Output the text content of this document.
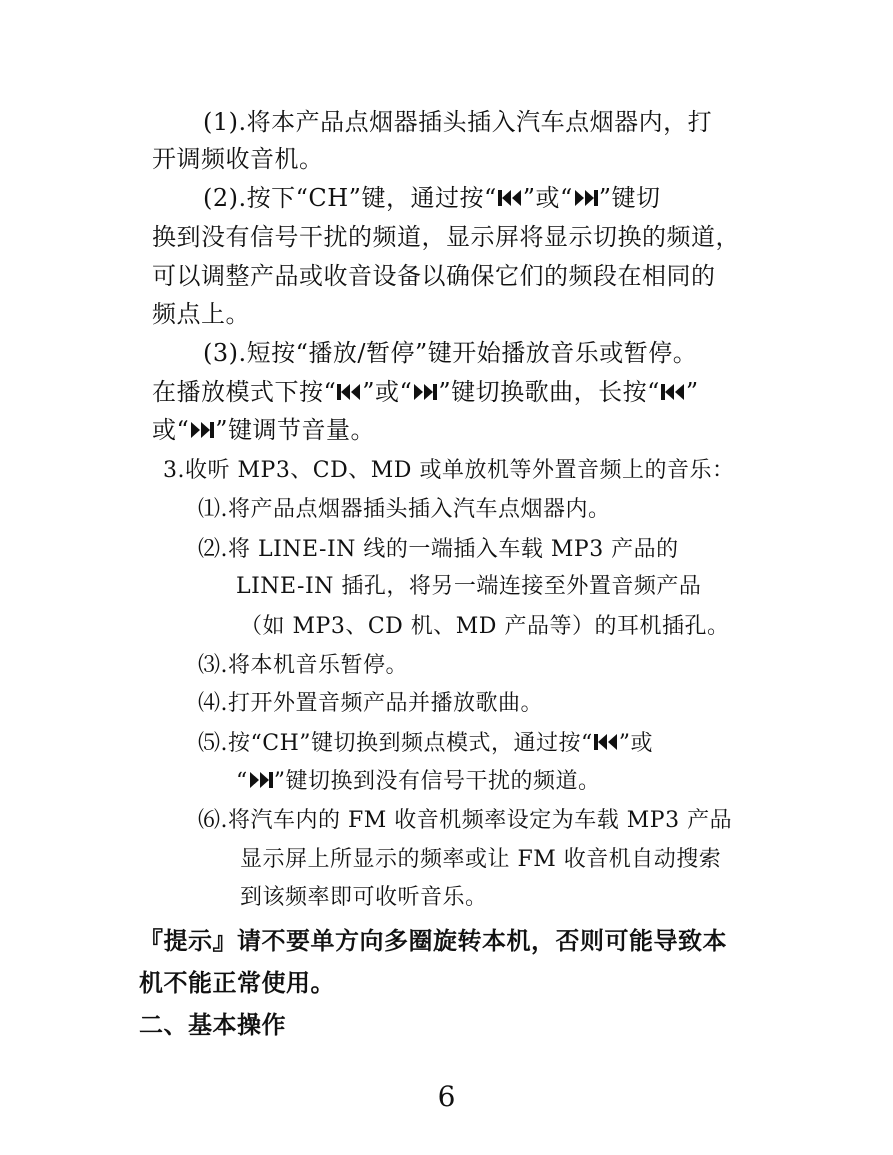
(1).将本产品点烟器插头插入汽车点烟器内，打
开调频收音机。
(2).按下“CH”键，通过按“ ”或“ ”键切
换到没有信号干扰的频道，显示屏将显示切换的频道，
可以调整产品或收音设备以确保它们的频段在相同的
频点上。
(3).短按“播放/暂停”键开始播放音乐或暂停。
在播放模式下按“ ”或“ ”键切换歌曲，长按“ ”
或“ ”键调节音量。
3.收听 MP3、CD、MD 或单放机等外置音频上的音乐：
⑴.将产品点烟器插头插入汽车点烟器内。
⑵.将 LINE-IN 线的一端插入车载 MP3 产品的
LINE-IN 插孔，将另一端连接至外置音频产品
（如 MP3、CD 机、MD 产品等）的耳机插孔。
⑶.将本机音乐暂停。
⑷.打开外置音频产品并播放歌曲。
⑸.按“CH”键切换到频点模式，通过按“ ”或
“ ”键切换到没有信号干扰的频道。
⑹.将汽车内的 FM 收音机频率设定为车载 MP3 产品
显示屏上所显示的频率或让 FM 收音机自动搜索
到该频率即可收听音乐。
『提示』请不要单方向多圈旋转本机，否则可能导致本
机不能正常使用。
二、基本操作
6
